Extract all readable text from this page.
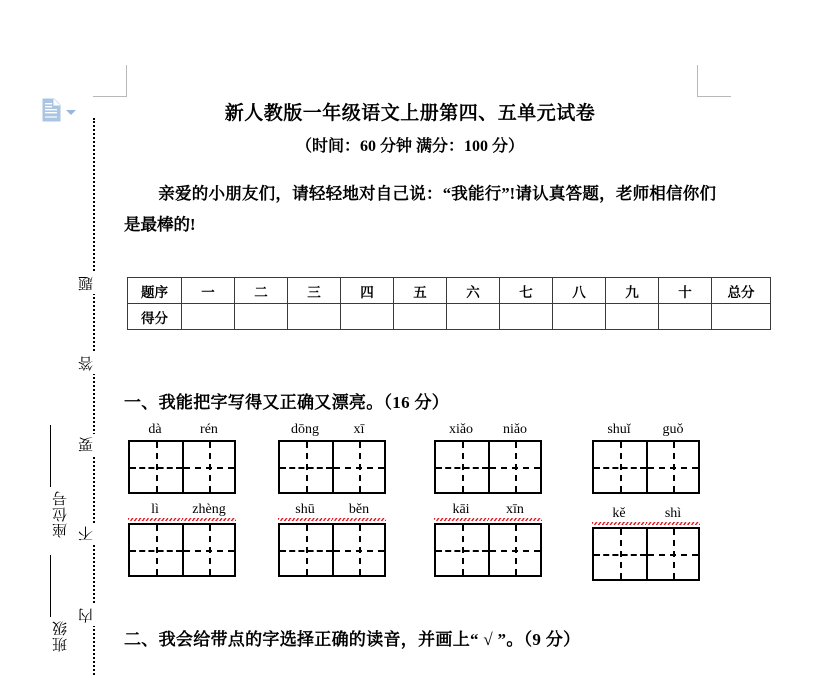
题
答
要
不
内
座位号
班级
新人教版一年级语文上册第四、五单元试卷
（时间：60 分钟 满分：100 分）
亲爱的小朋友们，请轻轻地对自己说：“我能行”!请认真答题，老师相信你们是最棒的!
题序	一	二	三	四	五	六	七	八	九	十	总分
得分											
一、我能把字写得又正确又漂亮。（16 分）
dà	rén	dōng	xī	xiǎo	niǎo	shuǐ	guǒ
lì	zhèng	shū	běn	kāi	xīn	kě	shì
二、我会给带点的字选择正确的读音，并画上“ √ ”。（9 分）
